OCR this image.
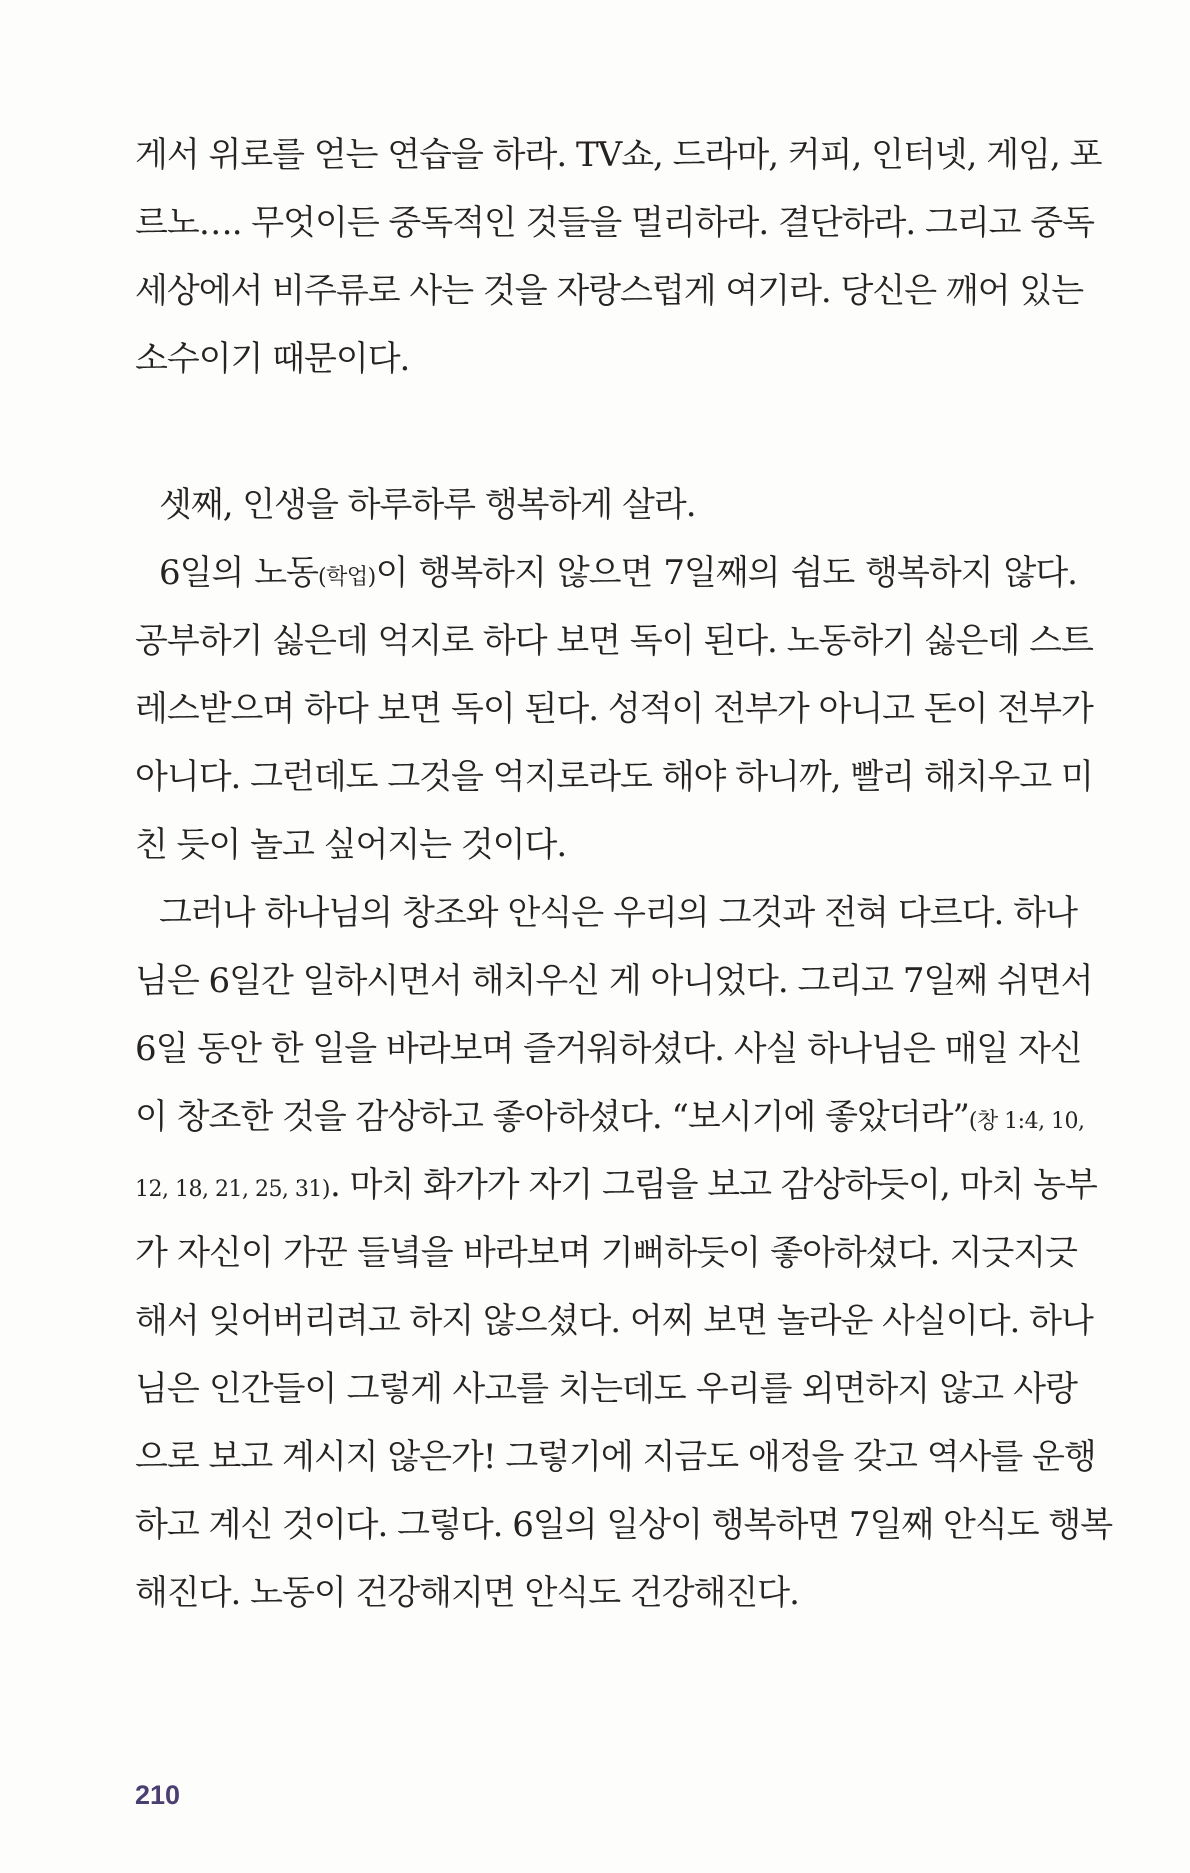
게서 위로를 얻는 연습을 하라. TV쇼, 드라마, 커피, 인터넷, 게임, 포
르노…. 무엇이든 중독적인 것들을 멀리하라. 결단하라. 그리고 중독
세상에서 비주류로 사는 것을 자랑스럽게 여기라. 당신은 깨어 있는
소수이기 때문이다.
셋째, 인생을 하루하루 행복하게 살라.
6일의 노동(학업)이 행복하지 않으면 7일째의 쉼도 행복하지 않다.
공부하기 싫은데 억지로 하다 보면 독이 된다. 노동하기 싫은데 스트
레스받으며 하다 보면 독이 된다. 성적이 전부가 아니고 돈이 전부가
아니다. 그런데도 그것을 억지로라도 해야 하니까, 빨리 해치우고 미
친 듯이 놀고 싶어지는 것이다.
그러나 하나님의 창조와 안식은 우리의 그것과 전혀 다르다. 하나
님은 6일간 일하시면서 해치우신 게 아니었다. 그리고 7일째 쉬면서
6일 동안 한 일을 바라보며 즐거워하셨다. 사실 하나님은 매일 자신
이 창조한 것을 감상하고 좋아하셨다. “보시기에 좋았더라”(창 1:4, 10,
12, 18, 21, 25, 31). 마치 화가가 자기 그림을 보고 감상하듯이, 마치 농부
가 자신이 가꾼 들녘을 바라보며 기뻐하듯이 좋아하셨다. 지긋지긋
해서 잊어버리려고 하지 않으셨다. 어찌 보면 놀라운 사실이다. 하나
님은 인간들이 그렇게 사고를 치는데도 우리를 외면하지 않고 사랑
으로 보고 계시지 않은가! 그렇기에 지금도 애정을 갖고 역사를 운행
하고 계신 것이다. 그렇다. 6일의 일상이 행복하면 7일째 안식도 행복
해진다. 노동이 건강해지면 안식도 건강해진다.
210
